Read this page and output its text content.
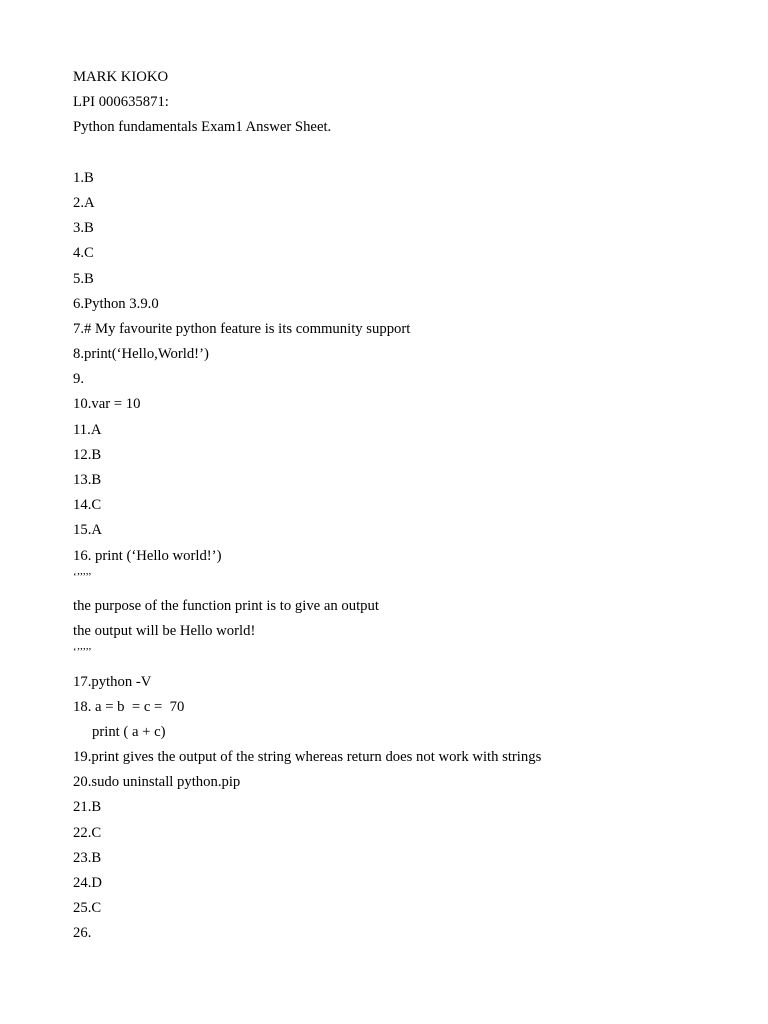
MARK KIOKO
LPI 000635871:
Python fundamentals Exam1 Answer Sheet.
1.B
2.A
3.B
4.C
5.B
6.Python 3.9.0
7.# My favourite python feature is its community support
8.print(‘Hello,World!’)
9.
10.var = 10
11.A
12.B
13.B
14.C
15.A
16. print (‘Hello world!’)
‘’’’’’
the purpose of the function print is to give an output
the output will be Hello world!
‘’’’’’
17.python -V
18. a = b  = c =  70
print ( a + c)
19.print gives the output of the string whereas return does not work with strings
20.sudo uninstall python.pip
21.B
22.C
23.B
24.D
25.C
26.
